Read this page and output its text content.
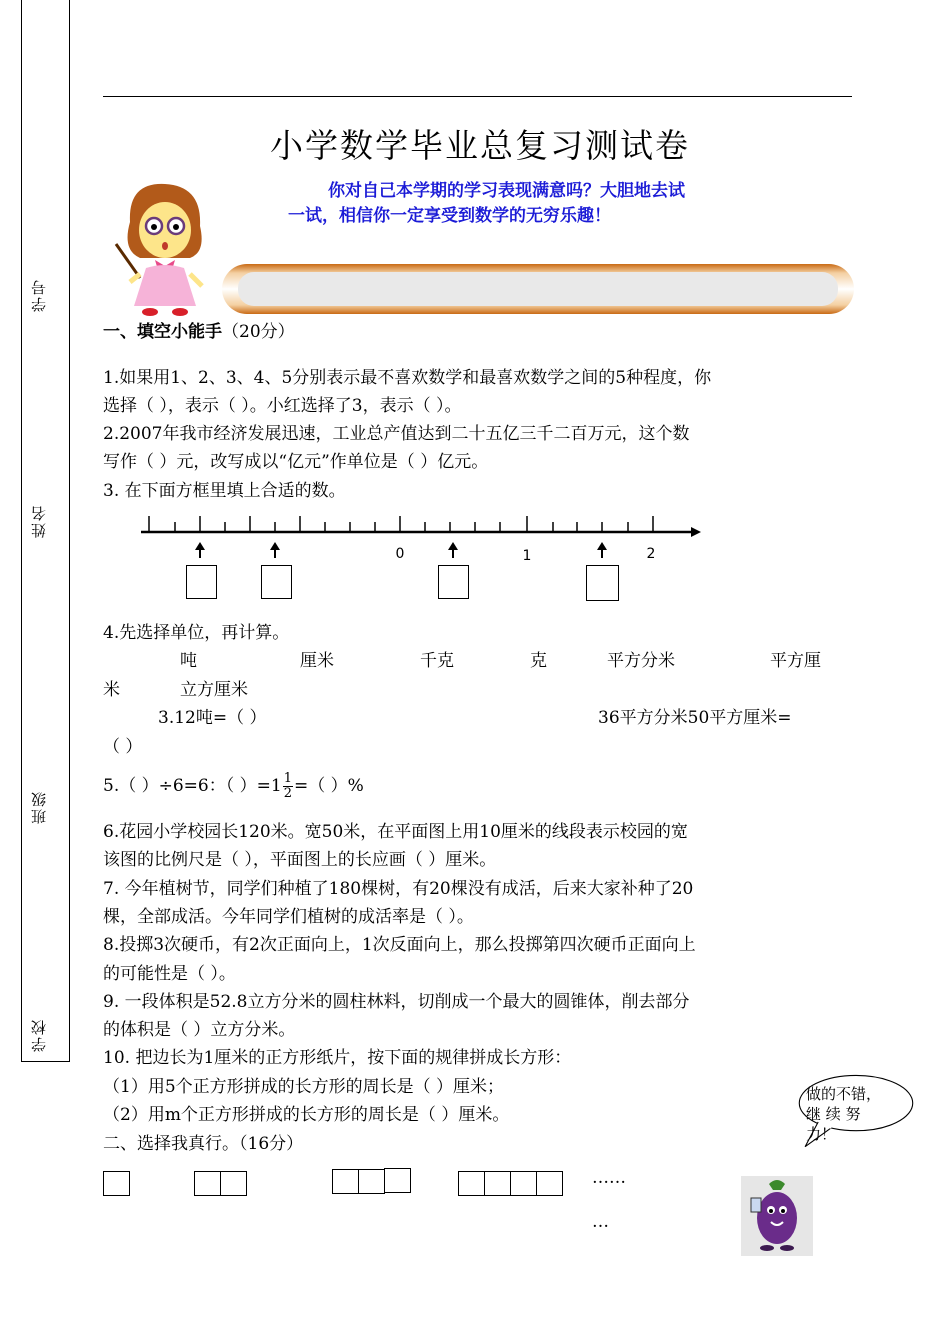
学号
姓名
班级
学校
小学数学毕业总复习测试卷
你对自己本学期的学习表现满意吗？大胆地去试
一试，相信你一定享受到数学的无穷乐趣！
一、填空小能手（20分）
1.如果用1、2、3、4、5分别表示最不喜欢数学和最喜欢数学之间的5种程度，你
选择（ ），表示（ ）。小红选择了3，表示（ ）。
2.2007年我市经济发展迅速，工业总产值达到二十五亿三千二百万元，这个数
写作（ ）元，改写成以“亿元”作单位是（ ）亿元。
3. 在下面方框里填上合适的数。
0	1	2
4.先选择单位，再计算。
吨	厘米	千克	克	平方分米	平方厘
米	立方厘米
3.12吨=（ ）	36平方分米50平方厘米=
（ ）
5.（ ）÷6=6：（ ）$=1 \frac{1}{2}$ =（ ）%
6.花园小学校园长120米。宽50米，在平面图上用10厘米的线段表示校园的宽
该图的比例尺是（ ），平面图上的长应画（ ）厘米。
7. 今年植树节，同学们种植了180棵树，有20棵没有成活，后来大家补种了20
棵，全部成活。今年同学们植树的成活率是（ ）。
8.投掷3次硬币，有2次正面向上，1次反面向上，那么投掷第四次硬币正面向上
的可能性是（ ）。
9. 一段体积是52.8立方分米的圆柱林料，切削成一个最大的圆锥体，削去部分
的体积是（ ）立方分米。
10. 把边长为1厘米的正方形纸片，按下面的规律拼成长方形：
（1）用5个正方形拼成的长方形的周长是（ ）厘米；
（2）用m个正方形拼成的长方形的周长是（ ）厘米。
二、选择我真行。（16分）
……
…
做的不错，
继 续 努
力！
